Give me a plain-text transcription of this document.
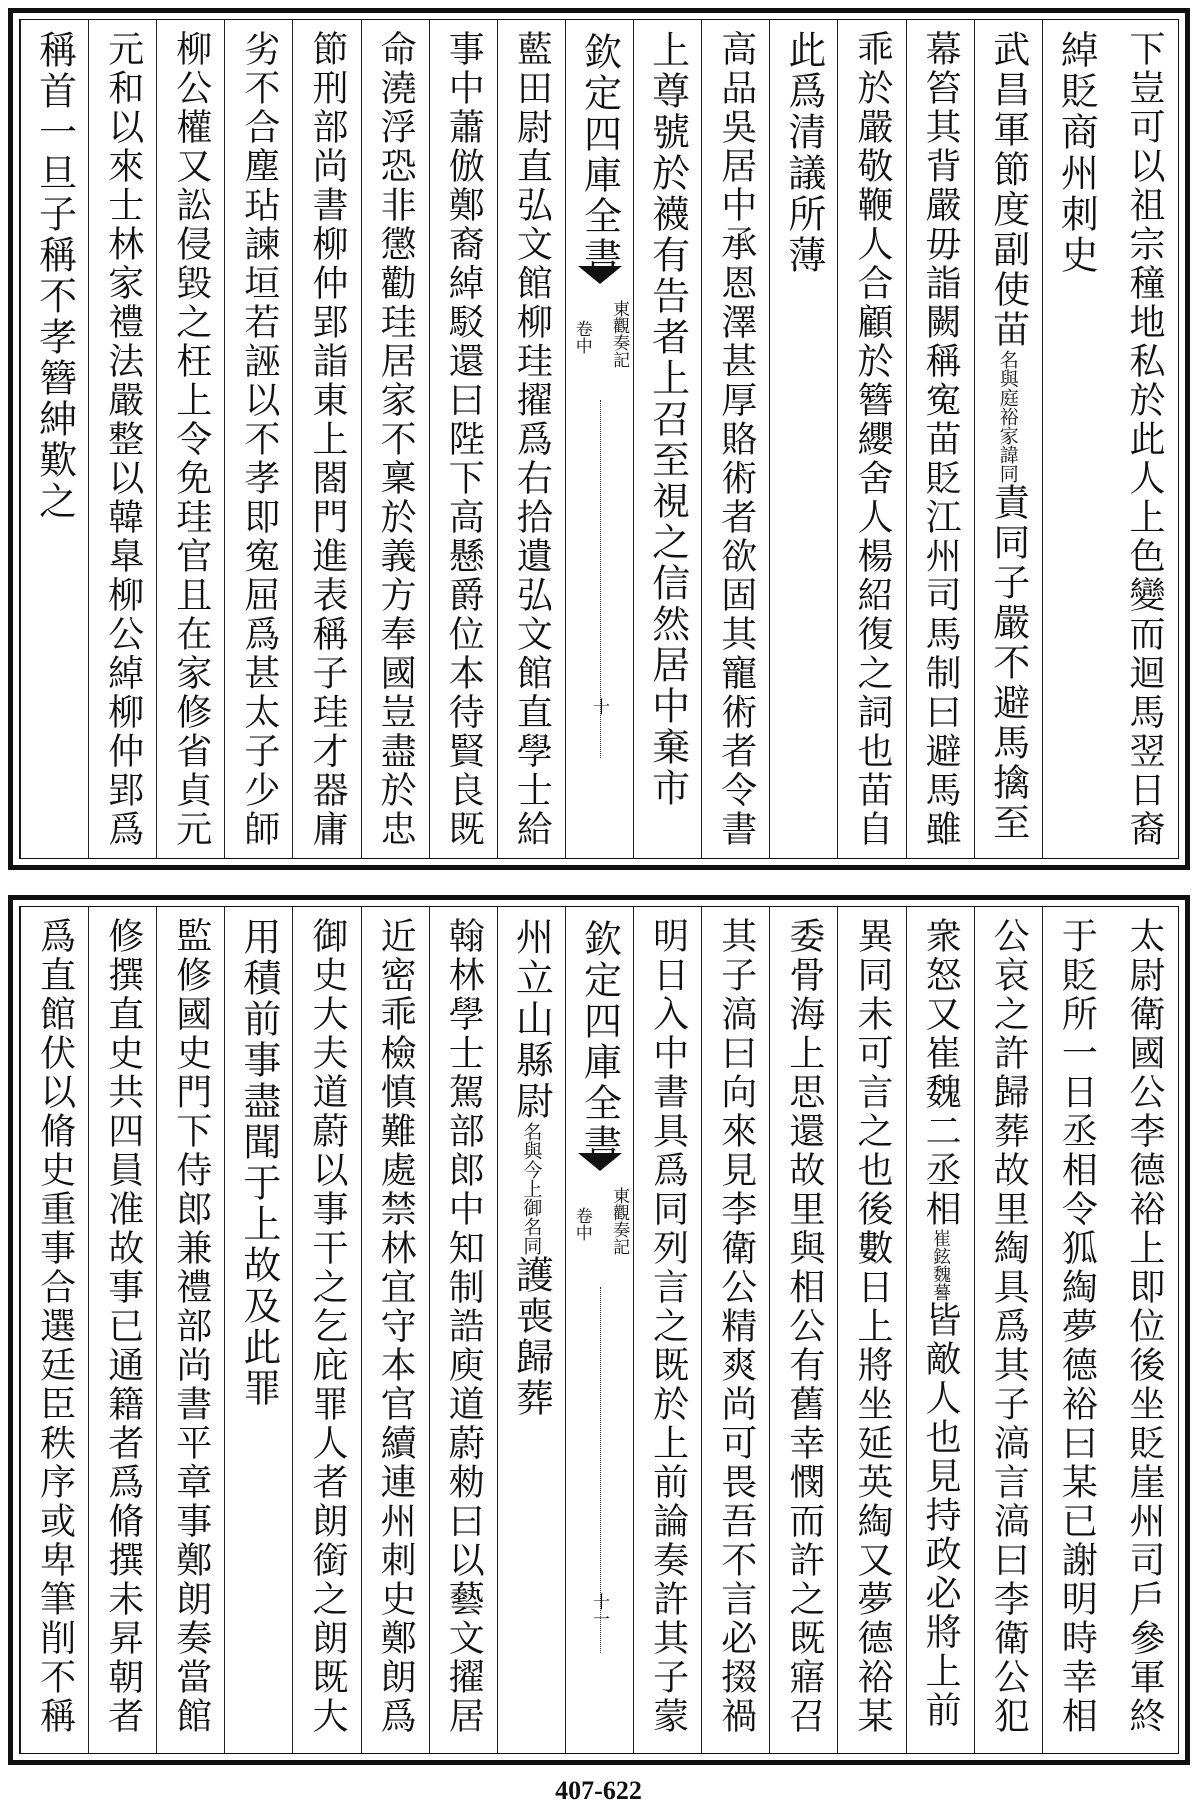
下豈可以祖宗穜地私於此人上色變而迴馬翌日裔
綽貶商州刺史
武昌軍節度副使苗名與庭裕家諱同責同子嚴不避馬擒至
幕笞其背嚴毋詣闕稱寃苗貶江州司馬制曰避馬雖
乖於嚴敬鞭人合顧於簪纓舍人楊紹復之詞也苗自
此爲清議所薄
高品吳居中承恩澤甚厚賂術者欲固其寵術者令書
上尊號於襪有告者上召至視之信然居中棄市
欽定四庫全書
東觀奏記
卷中
十
藍田尉直弘文館柳珪擢爲右拾遺弘文館直學士給
事中蕭倣鄭裔綽駁還曰陛下高懸爵位本待賢良既
命澆浮恐非懲勸珪居家不稟於義方奉國豈盡於忠
節刑部尚書柳仲郢詣東上閤門進表稱子珪才器庸
劣不合塵玷諫垣若誣以不孝即寃屈爲甚太子少師
柳公權又訟侵毀之枉上令免珪官且在家修省貞元
元和以來士林家禮法嚴整以韓臯柳公綽柳仲郢爲
稱首一旦子稱不孝簪紳歎之
太尉衛國公李德裕上即位後坐貶崖州司戶參軍終
于貶所一日丞相令狐綯夢德裕曰某已謝明時幸相
公哀之許歸葬故里綯具爲其子滈言滈曰李衛公犯
衆怒又崔魏二丞相崔鉉魏謩皆敵人也見持政必將上前
異同未可言之也後數日上將坐延英綯又夢德裕某
委骨海上思還故里與相公有舊幸憫而許之既寤召
其子滈曰向來見李衛公精爽尚可畏吾不言必掇禍
明日入中書具爲同列言之既於上前論奏許其子蒙
欽定四庫全書
東觀奏記
卷中
十一
州立山縣尉名與今上御名同護喪歸葬
翰林學士駕部郎中知制誥庾道蔚勑曰以藝文擢居
近密乖檢慎難處禁林宜守本官續連州刺史鄭朗爲
御史大夫道蔚以事干之乞庇罪人者朗銜之朗既大
用積前事盡聞于上故及此罪
監修國史門下侍郎兼禮部尚書平章事鄭朗奏當館
修撰直史共四員准故事已通籍者爲脩撰未昇朝者
爲直館伏以脩史重事合選廷臣秩序或卑筆削不稱
407-622
